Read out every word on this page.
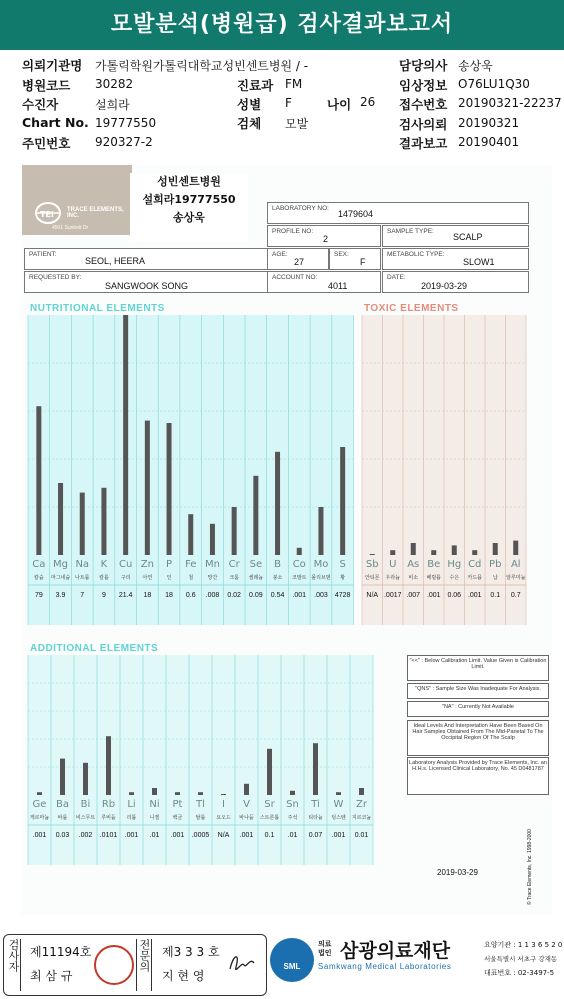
모발분석(병원급) 검사결과보고서
의뢰기관명 가톨릭학원가톨릭대학교성빈센트병원 / -
병원코드 30282
수진자	설희라
Chart No. 19777550
주민번호 920327-2
진료과 FM
성별 F
검체 모발
담당의사 송상욱
임상정보 O76LU1Q30
접수번호 20190321-22237
검사의뢰 20190321
결과보고 20190401
나이 26
TEI TRACE ELEMENTS, INC.
4501 Sunbelt Dr
성빈센트병원
설희라19777550
송상욱
LABORATORY NO:
1479604
PROFILE NO:
2
SAMPLE TYPE:
SCALP
PATIENT:
SEOL, HEERA
AGE:
27
SEX:
F
METABOLIC TYPE:
SLOW1
REQUESTED BY:
SANGWOOK SONG
ACCOUNT NO:
4011
DATE:
2019-03-29
NUTRITIONAL ELEMENTS	TOXIC ELEMENTS
ADDITIONAL ELEMENTS
Ca
칼슘
79
Mg
마그네슘
3.9
Na
나트륨
7
K
칼륨
9
Cu
구리
21.4
Zn
아연
18
P
인
18
Fe
철
0.6
Mn
망간
.008
Cr
크롬
0.02
Se
셀레늄
0.09
B
붕소
0.54
Co
코발트
.001
Mo
몰리브덴
.003
S
황
4728
Sb
안티몬
N/A
U
우라늄
.0017
As
비소
.007
Be
베릴륨
.001
Hg
수은
0.06
Cd
카드뮴
.001
Pb
납
0.1
Al
알루미늄
0.7
Ge
게르마늄
.001
Ba
바륨
0.03
Bi
비스무트
.002
Rb
루비듐
.0101
Li
리튬
.001
Ni
니켈
.01
Pt
백금
.001
Tl
탈륨
.0005
I
요오드
N/A
V
바나듐
.001
Sr
스트론튬
0.1
Sn
주석
.01
Ti
티타늄
0.07
W
텅스텐
.001
Zr
지르코늄
0.01
"<<" : Below Calibration Limit. Value Given is Calibration Limit.
"QNS" : Sample Size Was Inadequate For Analysis.
"NA" : Currently Not Available
Ideal Levels And Interpretation Have Been Based On Hair Samples Obtained From The Mid-Parietal To The Occipital Region Of The Scalp
Laboratory Analysis Provided by Trace Elements, Inc. an H.H.s. Licensed Clinical Laboratory, No. 45 D0481787
2019-03-29	© Trace Elements, Inc. 1998-2000
검사자 제11194호
최 삼 규
전문의 제3 3 3 호
지 현 영
SML
의료법인 삼광의료재단
Samkwang Medical Laboratories
요양기관 : 1 1 3 6 5 2 0
서울특별시 서초구 강재동
대표번호 : 02-3497-5
